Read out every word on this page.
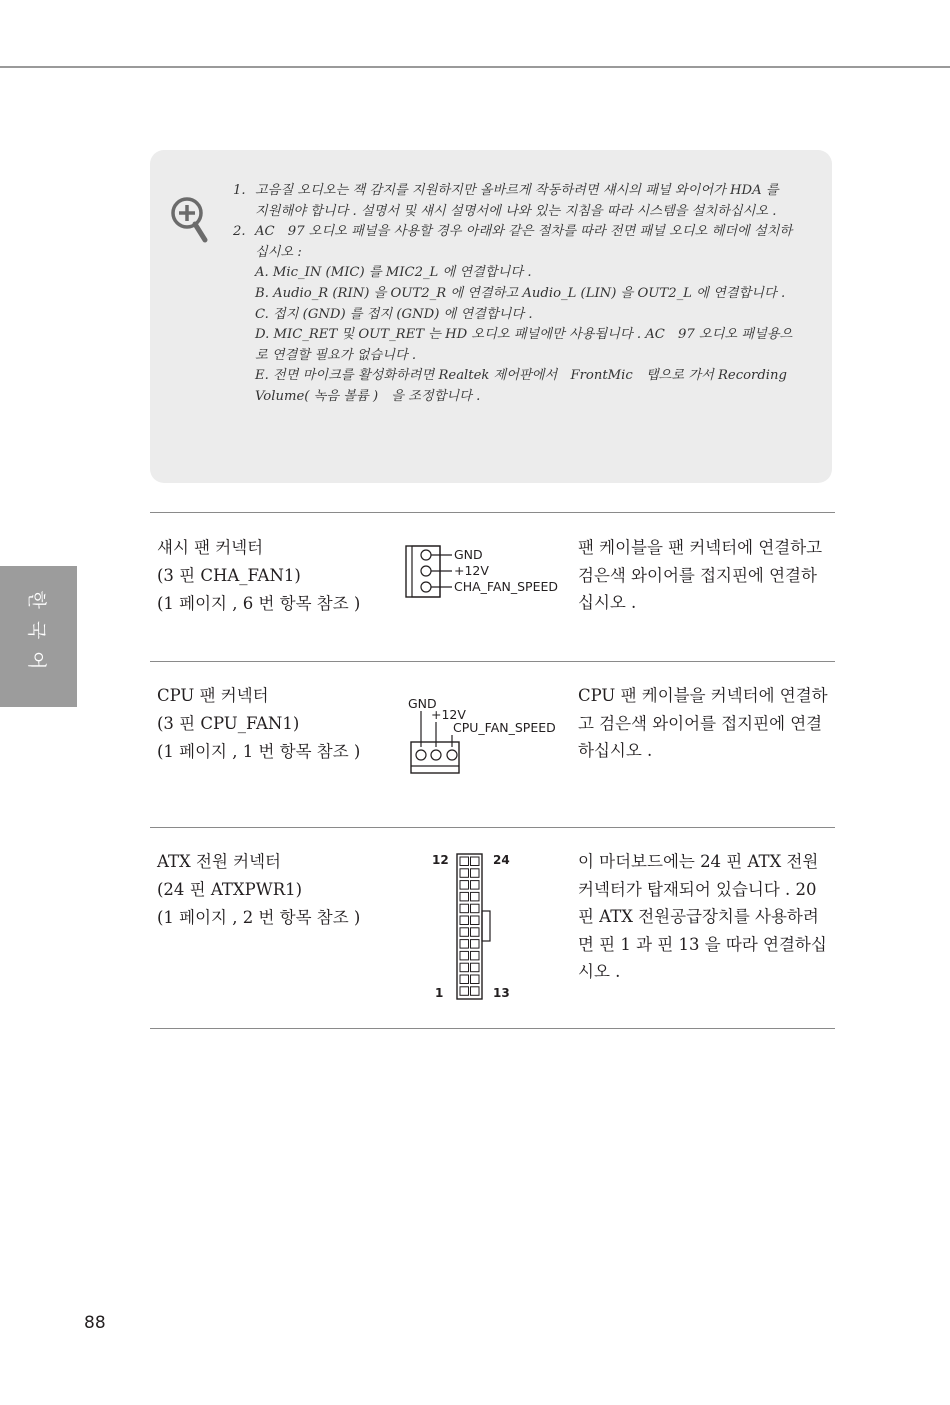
1. 고음질 오디오는 잭 감지를 지원하지만 올바르게 작동하려면 섀시의 패널 와이어가 HDA 를 지원해야 합니다 . 설명서 및 섀시 설명서에 나와 있는 지침을 따라 시스템을 설치하십시오 .
2. AC　97 오디오 패널을 사용할 경우 아래와 같은 절차를 따라 전면 패널 오디오 헤더에 설치하십시오 :
A. Mic_IN (MIC) 를 MIC2_L 에 연결합니다 .
B. Audio_R (RIN) 을 OUT2_R 에 연결하고 Audio_L (LIN) 을 OUT2_L 에 연결합니다 .
C. 접지 (GND) 를 접지 (GND) 에 연결합니다 .
D. MIC_RET 및 OUT_RET 는 HD 오디오 패널에만 사용됩니다 . AC　97 오디오 패널용으로 연결할 필요가 없습니다 .
E. 전면 마이크를 활성화하려면 Realtek 제어판에서　FrontMic　탭으로 가서 Recording Volume( 녹음 볼륨 )　을 조정합니다 .
한국어
섀시 팬 커넥터
(3 핀 CHA_FAN1)
(1 페이지 , 6 번 항목 참조 )
GND
+12V
CHA_FAN_SPEED
팬 케이블을 팬 커넥터에 연결하고 검은색 와이어를 접지핀에 연결하십시오 .
CPU 팬 커넥터
(3 핀 CPU_FAN1)
(1 페이지 , 1 번 항목 참조 )
GND
+12V
CPU_FAN_SPEED
CPU 팬 케이블을 커넥터에 연결하고 검은색 와이어를 접지핀에 연결하십시오 .
ATX 전원 커넥터
(24 핀 ATXPWR1)
(1 페이지 , 2 번 항목 참조 )
12	24
1	13
이 마더보드에는 24 핀 ATX 전원 커넥터가 탑재되어 있습니다 . 20 핀 ATX 전원공급장치를 사용하려면 핀 1 과 핀 13 을 따라 연결하십시오 .
88
